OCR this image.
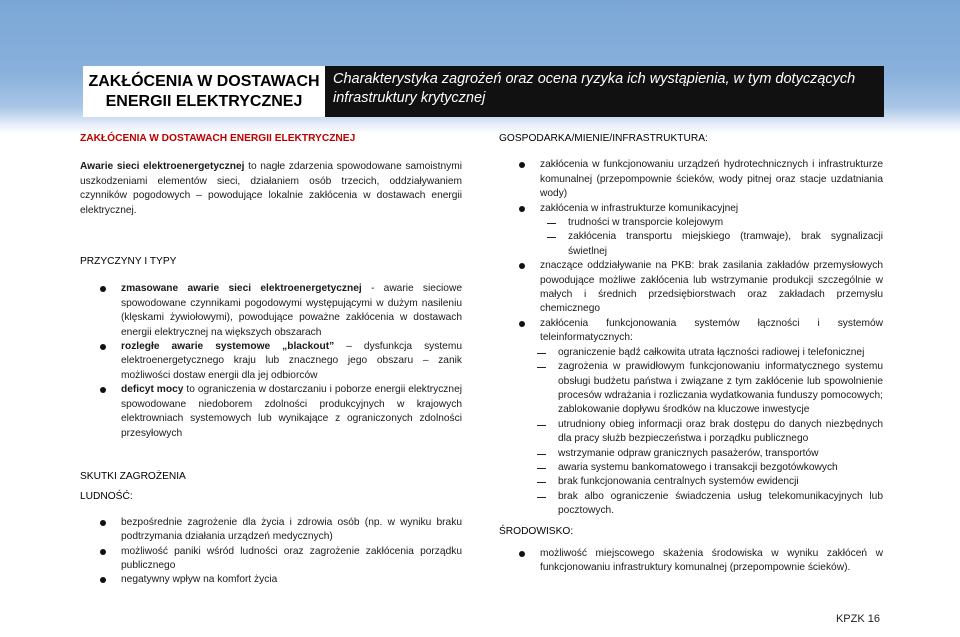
ZAKŁÓCENIA W DOSTAWACH
ENERGII ELEKTRYCZNEJ
Charakterystyka zagrożeń oraz ocena ryzyka ich wystąpienia, w tym dotyczących infrastruktury krytycznej
ZAKŁÓCENIA W DOSTAWACH ENERGII ELEKTRYCZNEJ

Awarie sieci elektroenergetycznej to nagłe zdarzenia spowodowane samoistnymi uszkodzeniami elementów sieci, działaniem osób trzecich, oddziaływaniem czynników pogodowych – powodujące lokalnie zakłócenia w dostawach energii elektrycznej.

PRZYCZYNY I TYPY
zmasowane awarie sieci elektroenergetycznej - awarie sieciowe spowodowane czynnikami pogodowymi występującymi w dużym nasileniu (klęskami żywiołowymi), powodujące poważne zakłócenia w dostawach energii elektrycznej na większych obszarach
rozległe awarie systemowe „blackout” – dysfunkcja systemu elektroenergetycznego kraju lub znacznego jego obszaru – zanik możliwości dostaw energii dla jej odbiorców
deficyt mocy to ograniczenia w dostarczaniu i poborze energii elektrycznej spowodowane niedoborem zdolności produkcyjnych w krajowych elektrowniach systemowych lub wynikające z ograniczonych zdolności przesyłowych
SKUTKI ZAGROŻENIA
LUDNOŚĆ:
bezpośrednie zagrożenie dla życia i zdrowia osób (np. w wyniku braku podtrzymania działania urządzeń medycznych)
możliwość paniki wśród ludności oraz zagrożenie zakłócenia porządku publicznego
negatywny wpływ na komfort życia
GOSPODARKA/MIENIE/INFRASTRUKTURA:
zakłócenia w funkcjonowaniu urządzeń hydrotechnicznych i infrastrukturze komunalnej (przepompownie ścieków, wody pitnej oraz stacje uzdatniania wody)
zakłócenia w infrastrukturze komunikacyjnej
trudności w transporcie kolejowym
zakłócenia transportu miejskiego (tramwaje), brak sygnalizacji świetlnej
znaczące oddziaływanie na PKB: brak zasilania zakładów przemysłowych powodujące możliwe zakłócenia lub wstrzymanie produkcji szczególnie w małych i średnich przedsiębiorstwach oraz zakładach przemysłu chemicznego
zakłócenia funkcjonowania systemów łączności i systemów teleinformatycznych:
ograniczenie bądź całkowita utrata łączności radiowej i telefonicznej
zagrożenia w prawidłowym funkcjonowaniu informatycznego systemu obsługi budżetu państwa i związane z tym zakłócenie lub spowolnienie procesów wdrażania i rozliczania wydatkowania funduszy pomocowych; zablokowanie dopływu środków na kluczowe inwestycje
utrudniony obieg informacji oraz brak dostępu do danych niezbędnych dla pracy służb bezpieczeństwa i porządku publicznego
wstrzymanie odpraw granicznych pasażerów, transportów
awaria systemu bankomatowego i transakcji bezgotówkowych
brak funkcjonowania centralnych systemów ewidencji
brak albo ograniczenie świadczenia usług telekomunikacyjnych lub pocztowych.
ŚRODOWISKO:
możliwość miejscowego skażenia środowiska w wyniku zakłóceń w funkcjonowaniu infrastruktury komunalnej (przepompownie ścieków).
KPZK 16
